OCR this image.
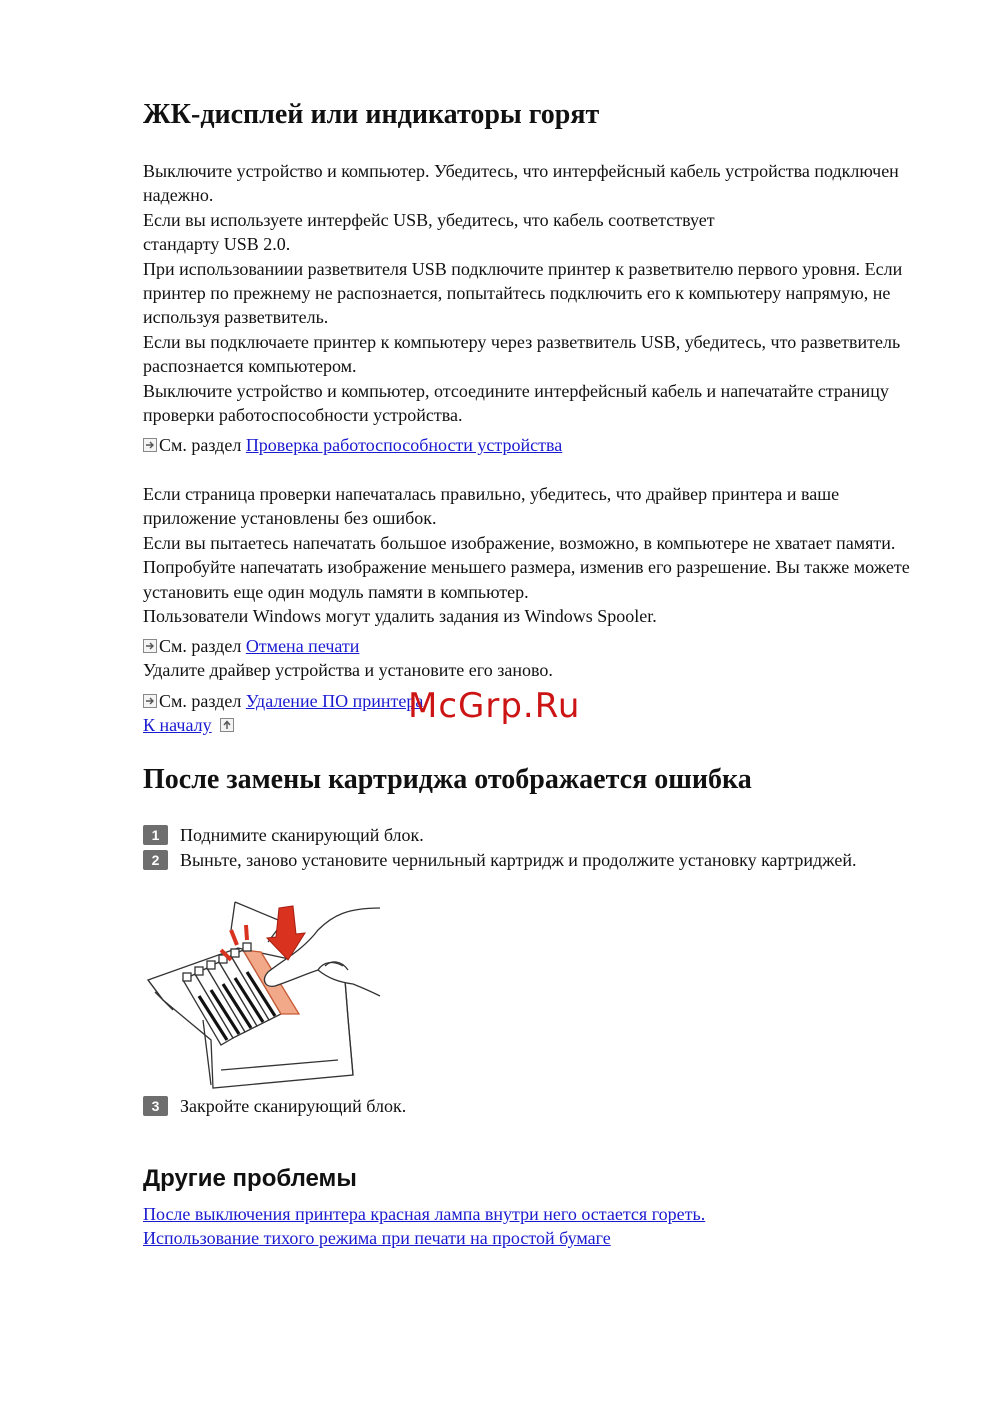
ЖК-дисплей или индикаторы горят

Выключите устройство и компьютер. Убедитесь, что интерфейсный кабель устройства подключен надежно.

Если вы используете интерфейс USB, убедитесь, что кабель соответствует

стандарту USB 2.0.

При использованиии разветвителя USB подключите принтер к разветвителю первого уровня. Если принтер по прежнему не распознается, попытайтесь подключить его к компьютеру напрямую, не используя разветвитель.

Если вы подключаете принтер к компьютеру через разветвитель USB, убедитесь, что разветвитель распознается компьютером.

Выключите устройство и компьютер, отсоедините интерфейсный кабель и напечатайте страницу проверки работоспособности устройства.

См. раздел Проверка работоспособности устройства

Если страница проверки напечаталась правильно, убедитесь, что драйвер принтера и ваше приложение установлены без ошибок.

Если вы пытаетесь напечатать большое изображение, возможно, в компьютере не хватает памяти. Попробуйте напечатать изображение меньшего размера, изменив его разрешение. Вы также можете установить еще один модуль памяти в компьютер.

Пользователи Windows могут удалить задания из Windows Spooler.

См. раздел Отмена печати
Удалите драйвер устройства и установите его заново.
См. раздел Удаление ПО принтера
К началу
После замены картриджа отображается ошибка
1	Поднимите сканирующий блок.
2	Выньте, заново установите чернильный картридж и продолжите установку картриджей.
3	Закройте сканирующий блок.
Другие проблемы
После выключения принтера красная лампа внутри него остается гореть.
Использование тихого режима при печати на простой бумаге
McGrp.Ru
